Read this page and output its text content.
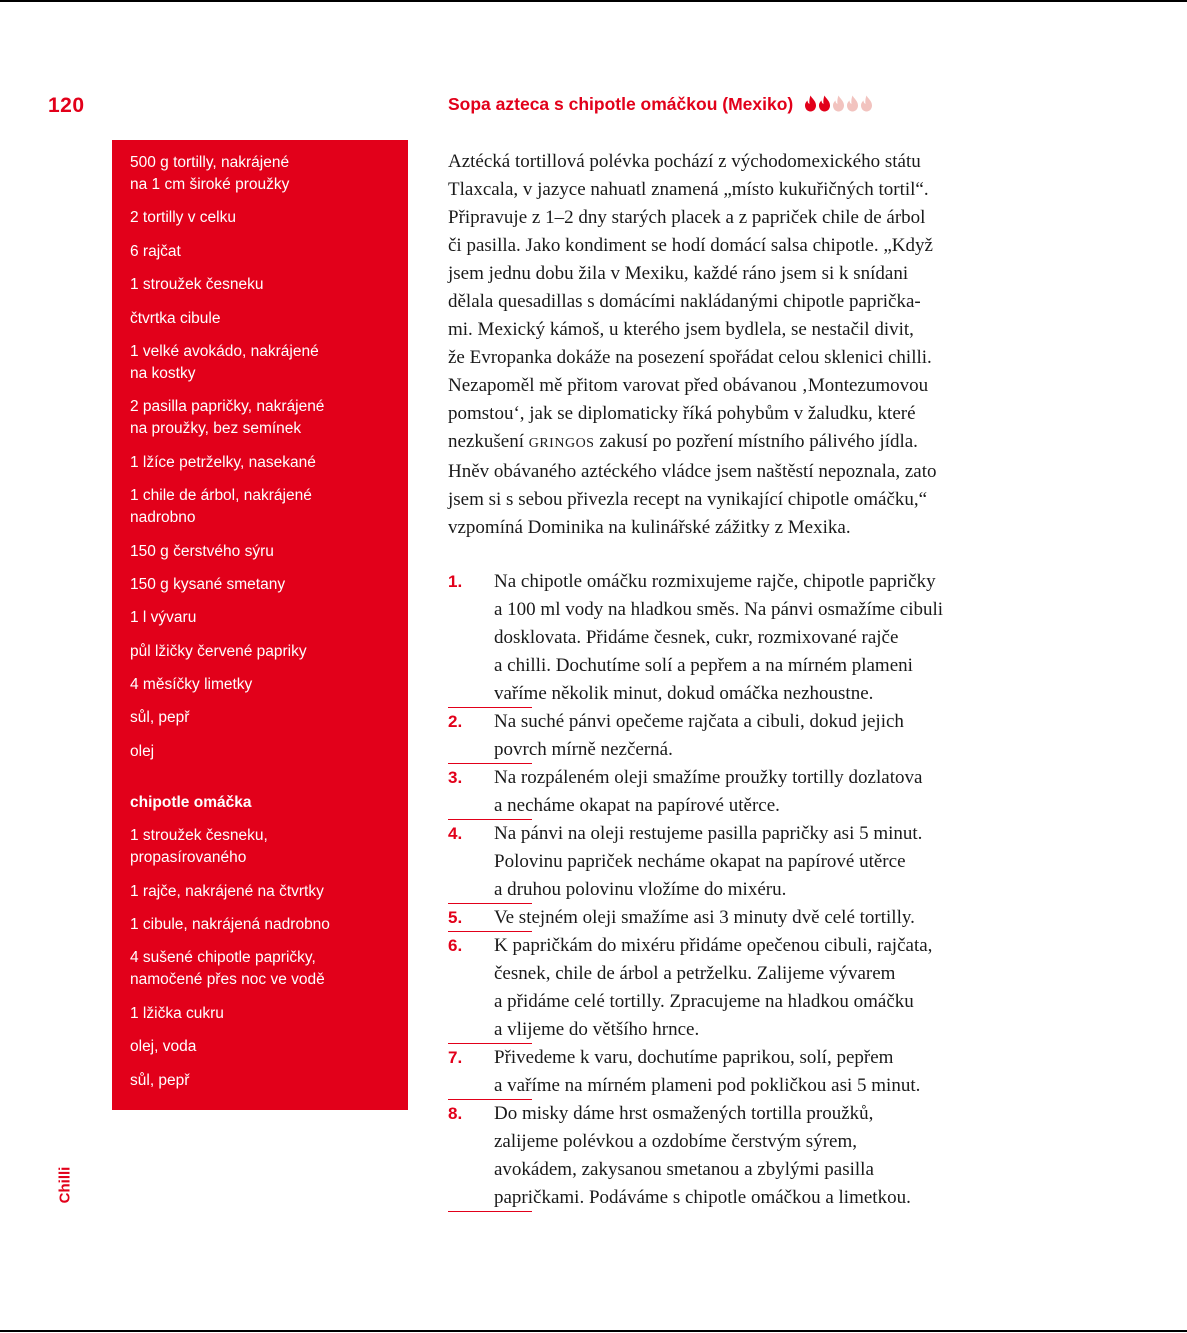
120	Sopa azteca s chipotle omáčkou (Mexiko)
500 g tortilly, nakrájené
na 1 cm široké proužky
2 tortilly v celku
6 rajčat
1 stroužek česneku
čtvrtka cibule
1 velké avokádo, nakrájené
na kostky
2 pasilla papričky, nakrájené
na proužky, bez semínek
1 lžíce petrželky, nasekané
1 chile de árbol, nakrájené
nadrobno
150 g čerstvého sýru
150 g kysané smetany
1 l vývaru
půl lžičky červené papriky
4 měsíčky limetky
sůl, pepř
olej
chipotle omáčka
1 stroužek česneku,
propasírovaného
1 rajče, nakrájené na čtvrtky
1 cibule, nakrájená nadrobno
4 sušené chipotle papričky,
namočené přes noc ve vodě
1 lžička cukru
olej, voda
sůl, pepř
Chilli

Aztécká tortillová polévka pochází z východomexického státu

Tlaxcala, v jazyce nahuatl znamená „místo kukuřičných tortil“.

Připravuje z 1–2 dny starých placek a z papriček chile de árbol

či pasilla. Jako kondiment se hodí domácí salsa chipotle. „Když

jsem jednu dobu žila v Mexiku, každé ráno jsem si k snídani

dělala quesadillas s domácími nakládanými chipotle paprička-

mi. Mexický kámoš, u kterého jsem bydlela, se nestačil divit,

že Evropanka dokáže na posezení spořádat celou sklenici chilli.

Nezapoměl mě přitom varovat před obávanou ‚Montezumovou

pomstou‘, jak se diplomaticky říká pohybům v žaludku, které

nezkušení GRINGOS zakusí po pozření místního pálivého jídla.

Hněv obávaného aztéckého vládce jsem naštěstí nepoznala, zato

jsem si s sebou přivezla recept na vynikající chipotle omáčku,“

vzpomíná Dominika na kulinářské zážitky z Mexika.

1.	Na chipotle omáčku rozmixujeme rajče, chipotle papričky
a 100 ml vody na hladkou směs. Na pánvi osmažíme cibuli
dosklovata. Přidáme česnek, cukr, rozmixované rajče
a chilli. Dochutíme solí a pepřem a na mírném plameni
vaříme několik minut, dokud omáčka nezhoustne.
2.	Na suché pánvi opečeme rajčata a cibuli, dokud jejich
povrch mírně nezčerná.
3.	Na rozpáleném oleji smažíme proužky tortilly dozlatova
a necháme okapat na papírové utěrce.
4.	Na pánvi na oleji restujeme pasilla papričky asi 5 minut.
Polovinu papriček necháme okapat na papírové utěrce
a druhou polovinu vložíme do mixéru.
5.	Ve stejném oleji smažíme asi 3 minuty dvě celé tortilly.
6.	K papričkám do mixéru přidáme opečenou cibuli, rajčata,
česnek, chile de árbol a petrželku. Zalijeme vývarem
a přidáme celé tortilly. Zpracujeme na hladkou omáčku
a vlijeme do většího hrnce.
7.	Přivedeme k varu, dochutíme paprikou, solí, pepřem
a vaříme na mírném plameni pod pokličkou asi 5 minut.
8.	Do misky dáme hrst osmažených tortilla proužků,
zalijeme polévkou a ozdobíme čerstvým sýrem,
avokádem, zakysanou smetanou a zbylými pasilla
papričkami. Podáváme s chipotle omáčkou a limetkou.
